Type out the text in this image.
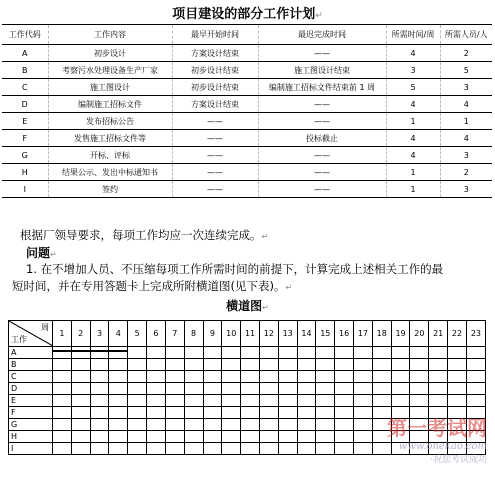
项目建设的部分工作计划↵
工作代码	工作内容	最早开始时间	最迟完成时间	所需时间/周	所需人员/人
A	初步设计	方案设计结束	——	4	2
B	考察污水处理设备生产厂家	初步设计结束	施工图设计结束	3	5
C	施工图设计	初步设计结束	编制施工招标文件结束前 1 周	5	3
D	编制施工招标文件	方案设计结束	——	4	4
E	发布招标公告	——	——	1	1
F	发售施工招标文件等	——	投标截止	4	4
G	开标、评标	——	——	4	3
H	结果公示、发出中标通知书	——	——	1	2
I	签约	——	——	1	3
根据厂领导要求，每项工作均应一次连续完成。↵
问题↵
1. 在不增加人员、不压缩每项工作所需时间的前提下，计算完成上述相关工作的最
短时间，并在专用答题卡上完成所附横道图(见下表)。↵
横道图↵
周
工作	1	2	3	4	5	6	7	8	9	10	11	12	13	14	15	16	17	18	19	20	21	22	23
A	

B																							
C																							
D																							
E																							
F																							
G																							
H																							
I																							
第一考试网
www.onekao.com
·祝您考试成功
